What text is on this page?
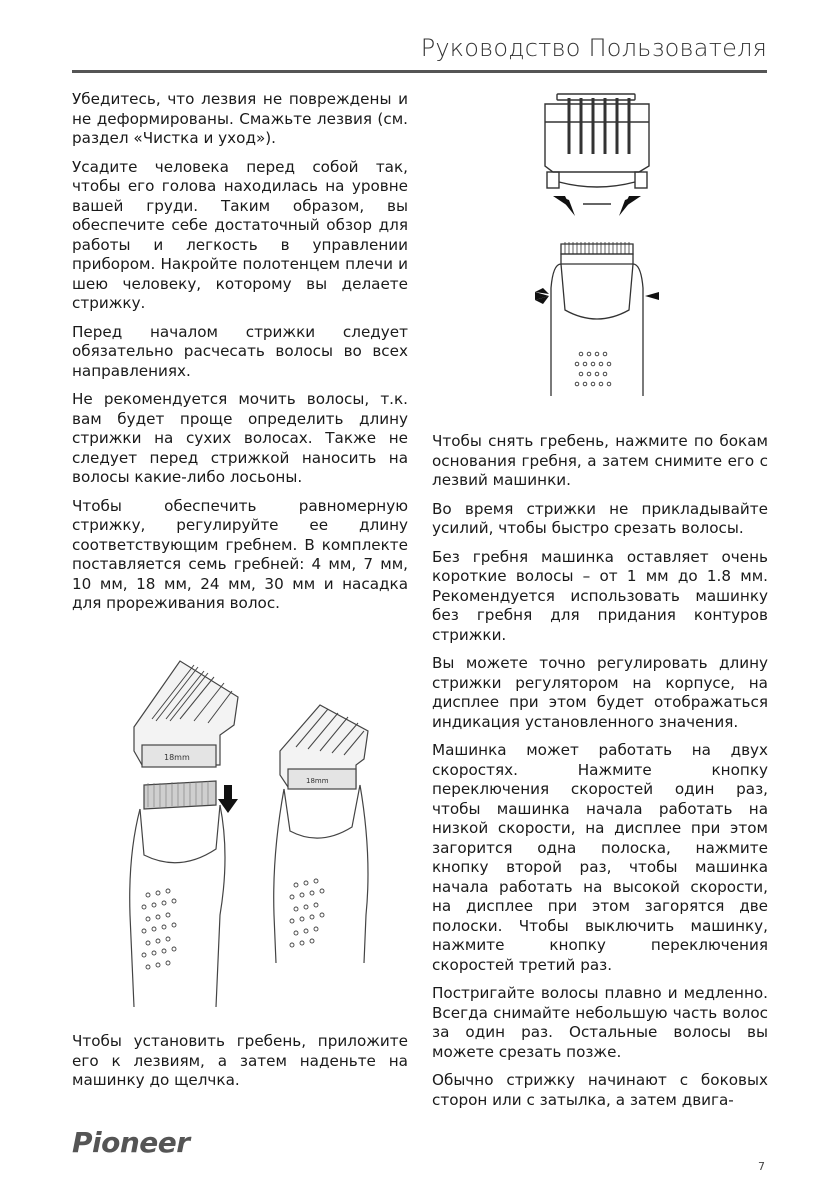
Руководство Пользователя

Убедитесь, что лезвия не повреждены и не деформированы. Смажьте лезвия (см. раздел «Чистка и уход»).

Усадите человека перед собой так, чтобы его голова находилась на уровне вашей груди. Таким образом, вы обеспечите себе достаточный обзор для работы и легкость в управлении прибором. Накройте полотенцем плечи и шею человеку, которому вы делаете стрижку.

Перед началом стрижки следует обязательно расчесать волосы во всех направлениях.

Не рекомендуется мочить волосы, т.к. вам будет проще определить длину стрижки на сухих волосах. Также не следует перед стрижкой наносить на волосы какие-либо лосьоны.

Чтобы обеспечить равномерную стрижку, регулируйте ее длину соответствующим гребнем. В комплекте поставляется семь гребней: 4 мм, 7 мм, 10 мм, 18 мм, 24 мм, 30 мм и насадка для прореживания волос.

Чтобы снять гребень, нажмите по бокам основания гребня, а затем снимите его с лезвий машинки.

Во время стрижки не прикладывайте усилий, чтобы быстро срезать волосы.

Без гребня машинка оставляет очень короткие волосы – от 1 мм до 1.8 мм. Рекомендуется использовать машинку без гребня для придания контуров стрижки.

Вы можете точно регулировать длину стрижки регулятором на корпусе, на дисплее при этом будет отображаться индикация установленного значения.

Машинка может работать на двух скоростях. Нажмите кнопку переключения скоростей один раз, чтобы машинка начала работать на низкой скорости, на дисплее при этом загорится одна полоска, нажмите кнопку второй раз, чтобы машинка начала работать на высокой скорости, на дисплее при этом загорятся две полоски. Чтобы выключить машинку, нажмите кнопку переключения скоростей третий раз.

Постригайте волосы плавно и медленно. Всегда снимайте небольшую часть волос за один раз. Остальные волосы вы можете срезать позже.

Обычно стрижку начинают с боковых сторон или с затылка, а затем двига-

18mm
18mm
Чтобы установить гребень, приложите его к лезвиям, а затем наденьте на машинку до щелчка.
Pioneer
7
